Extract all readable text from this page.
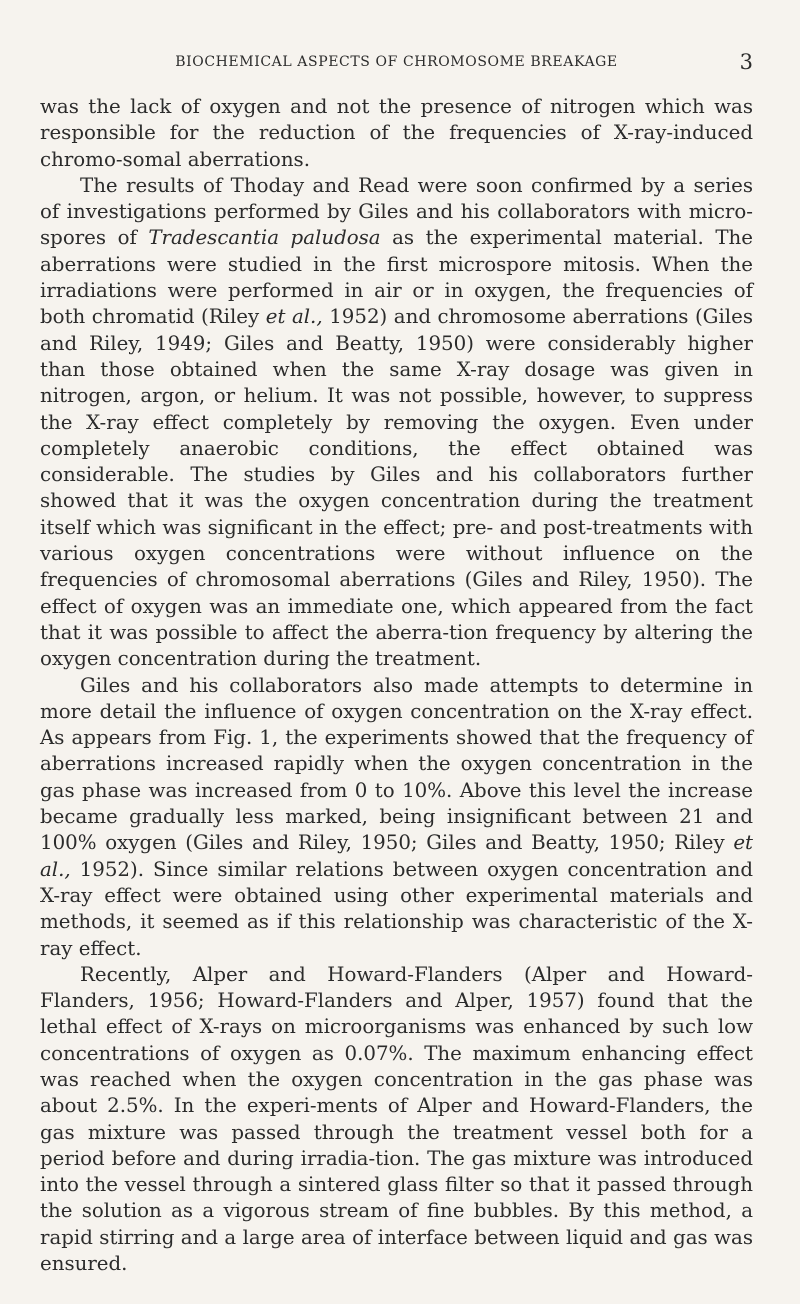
BIOCHEMICAL ASPECTS OF CHROMOSOME BREAKAGE	3

was the lack of oxygen and not the presence of nitrogen which was responsible for the reduction of the frequencies of X-ray-induced chromo-somal aberrations.

The results of Thoday and Read were soon confirmed by a series of investigations performed by Giles and his collaborators with micro-spores of Tradescantia paludosa as the experimental material. The aberrations were studied in the first microspore mitosis. When the irradiations were performed in air or in oxygen, the frequencies of both chromatid (Riley et al., 1952) and chromosome aberrations (Giles and Riley, 1949; Giles and Beatty, 1950) were considerably higher than those obtained when the same X-ray dosage was given in nitrogen, argon, or helium. It was not possible, however, to suppress the X-ray effect completely by removing the oxygen. Even under completely anaerobic conditions, the effect obtained was considerable. The studies by Giles and his collaborators further showed that it was the oxygen concentration during the treatment itself which was significant in the effect; pre- and post-treatments with various oxygen concentrations were without influence on the frequencies of chromosomal aberrations (Giles and Riley, 1950). The effect of oxygen was an immediate one, which appeared from the fact that it was possible to affect the aberra-tion frequency by altering the oxygen concentration during the treatment.

Giles and his collaborators also made attempts to determine in more detail the influence of oxygen concentration on the X-ray effect. As appears from Fig. 1, the experiments showed that the frequency of aberrations increased rapidly when the oxygen concentration in the gas phase was increased from 0 to 10%. Above this level the increase became gradually less marked, being insignificant between 21 and 100% oxygen (Giles and Riley, 1950; Giles and Beatty, 1950; Riley et al., 1952). Since similar relations between oxygen concentration and X-ray effect were obtained using other experimental materials and methods, it seemed as if this relationship was characteristic of the X-ray effect.

Recently, Alper and Howard-Flanders (Alper and Howard-Flanders, 1956; Howard-Flanders and Alper, 1957) found that the lethal effect of X-rays on microorganisms was enhanced by such low concentrations of oxygen as 0.07%. The maximum enhancing effect was reached when the oxygen concentration in the gas phase was about 2.5%. In the experi-ments of Alper and Howard-Flanders, the gas mixture was passed through the treatment vessel both for a period before and during irradia-tion. The gas mixture was introduced into the vessel through a sintered glass filter so that it passed through the solution as a vigorous stream of fine bubbles. By this method, a rapid stirring and a large area of interface between liquid and gas was ensured.
